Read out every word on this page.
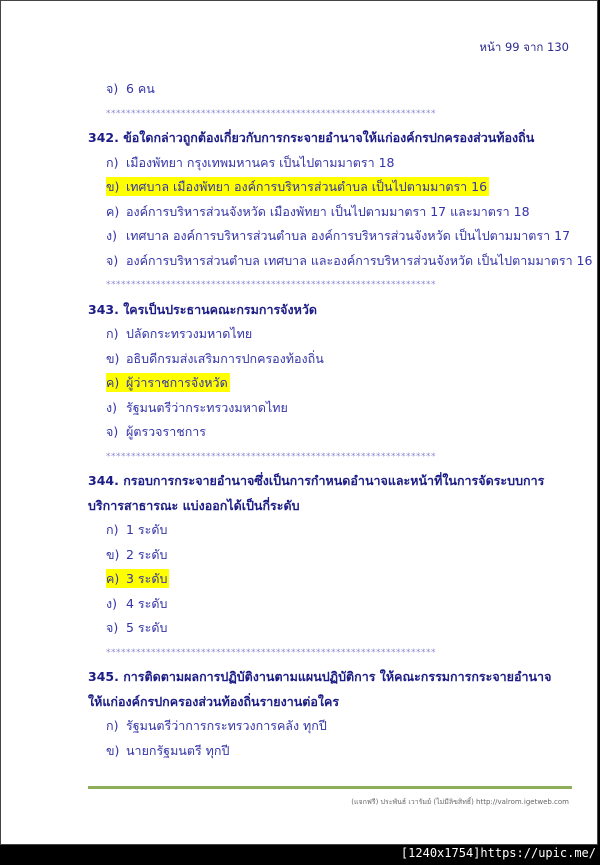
หน้า 99 จาก 130
จ) 6 คน
******************************************************************
342. ข้อใดกล่าวถูกต้องเกี่ยวกับการกระจายอำนาจให้แก่องค์กรปกครองส่วนท้องถิ่น
ก) เมืองพัทยา กรุงเทพมหานคร เป็นไปตามมาตรา 18
ข) เทศบาล เมืองพัทยา องค์การบริหารส่วนตำบล เป็นไปตามมาตรา 16
ค) องค์การบริหารส่วนจังหวัด เมืองพัทยา เป็นไปตามมาตรา 17 และมาตรา 18
ง) เทศบาล องค์การบริหารส่วนตำบล องค์การบริหารส่วนจังหวัด เป็นไปตามมาตรา 17
จ) องค์การบริหารส่วนตำบล เทศบาล และองค์การบริหารส่วนจังหวัด เป็นไปตามมาตรา 16
******************************************************************
343. ใครเป็นประธานคณะกรมการจังหวัด
ก) ปลัดกระทรวงมหาดไทย
ข) อธิบดีกรมส่งเสริมการปกครองท้องถิ่น
ค) ผู้ว่าราชการจังหวัด
ง) รัฐมนตรีว่ากระทรวงมหาดไทย
จ) ผู้ตรวจราชการ
******************************************************************
344. กรอบการกระจายอำนาจซึ่งเป็นการกำหนดอำนาจและหน้าที่ในการจัดระบบการ
บริการสาธารณะ แบ่งออกได้เป็นกี่ระดับ
ก) 1 ระดับ
ข) 2 ระดับ
ค) 3 ระดับ
ง) 4 ระดับ
จ) 5 ระดับ
******************************************************************
345. การติดตามผลการปฏิบัติงานตามแผนปฏิบัติการ ให้คณะกรรมการกระจายอำนาจ
ให้แก่องค์กรปกครองส่วนท้องถิ่นรายงานต่อใคร
ก) รัฐมนตรีว่าการกระทรวงการคลัง ทุกปี
ข) นายกรัฐมนตรี ทุกปี
(แจกฟรี) ประพันธ์ เวารัมย์ (ไม่มีลิขสิทธิ์) http://valrom.igetweb.com
[1240x1754]https://upic.me/
